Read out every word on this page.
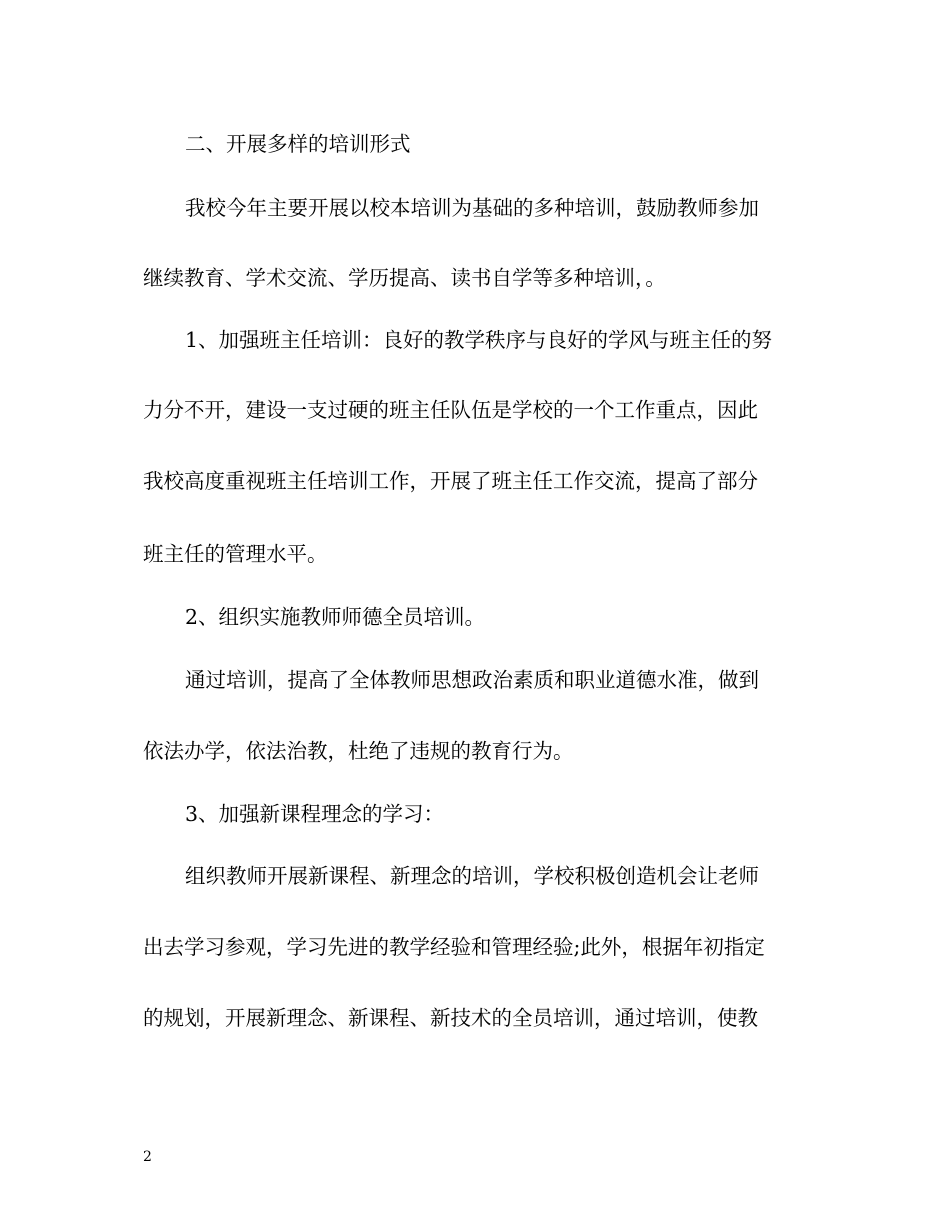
二、开展多样的培训形式
我校今年主要开展以校本培训为基础的多种培训，鼓励教师参加
继续教育、学术交流、学历提高、读书自学等多种培训，。
1、加强班主任培训：良好的教学秩序与良好的学风与班主任的努
力分不开，建设一支过硬的班主任队伍是学校的一个工作重点，因此
我校高度重视班主任培训工作，开展了班主任工作交流，提高了部分
班主任的管理水平。
2、组织实施教师师德全员培训。
通过培训，提高了全体教师思想政治素质和职业道德水准，做到
依法办学，依法治教，杜绝了违规的教育行为。
3、加强新课程理念的学习：
组织教师开展新课程、新理念的培训，学校积极创造机会让老师
出去学习参观，学习先进的教学经验和管理经验;此外，根据年初指定
的规划，开展新理念、新课程、新技术的全员培训，通过培训，使教
2
